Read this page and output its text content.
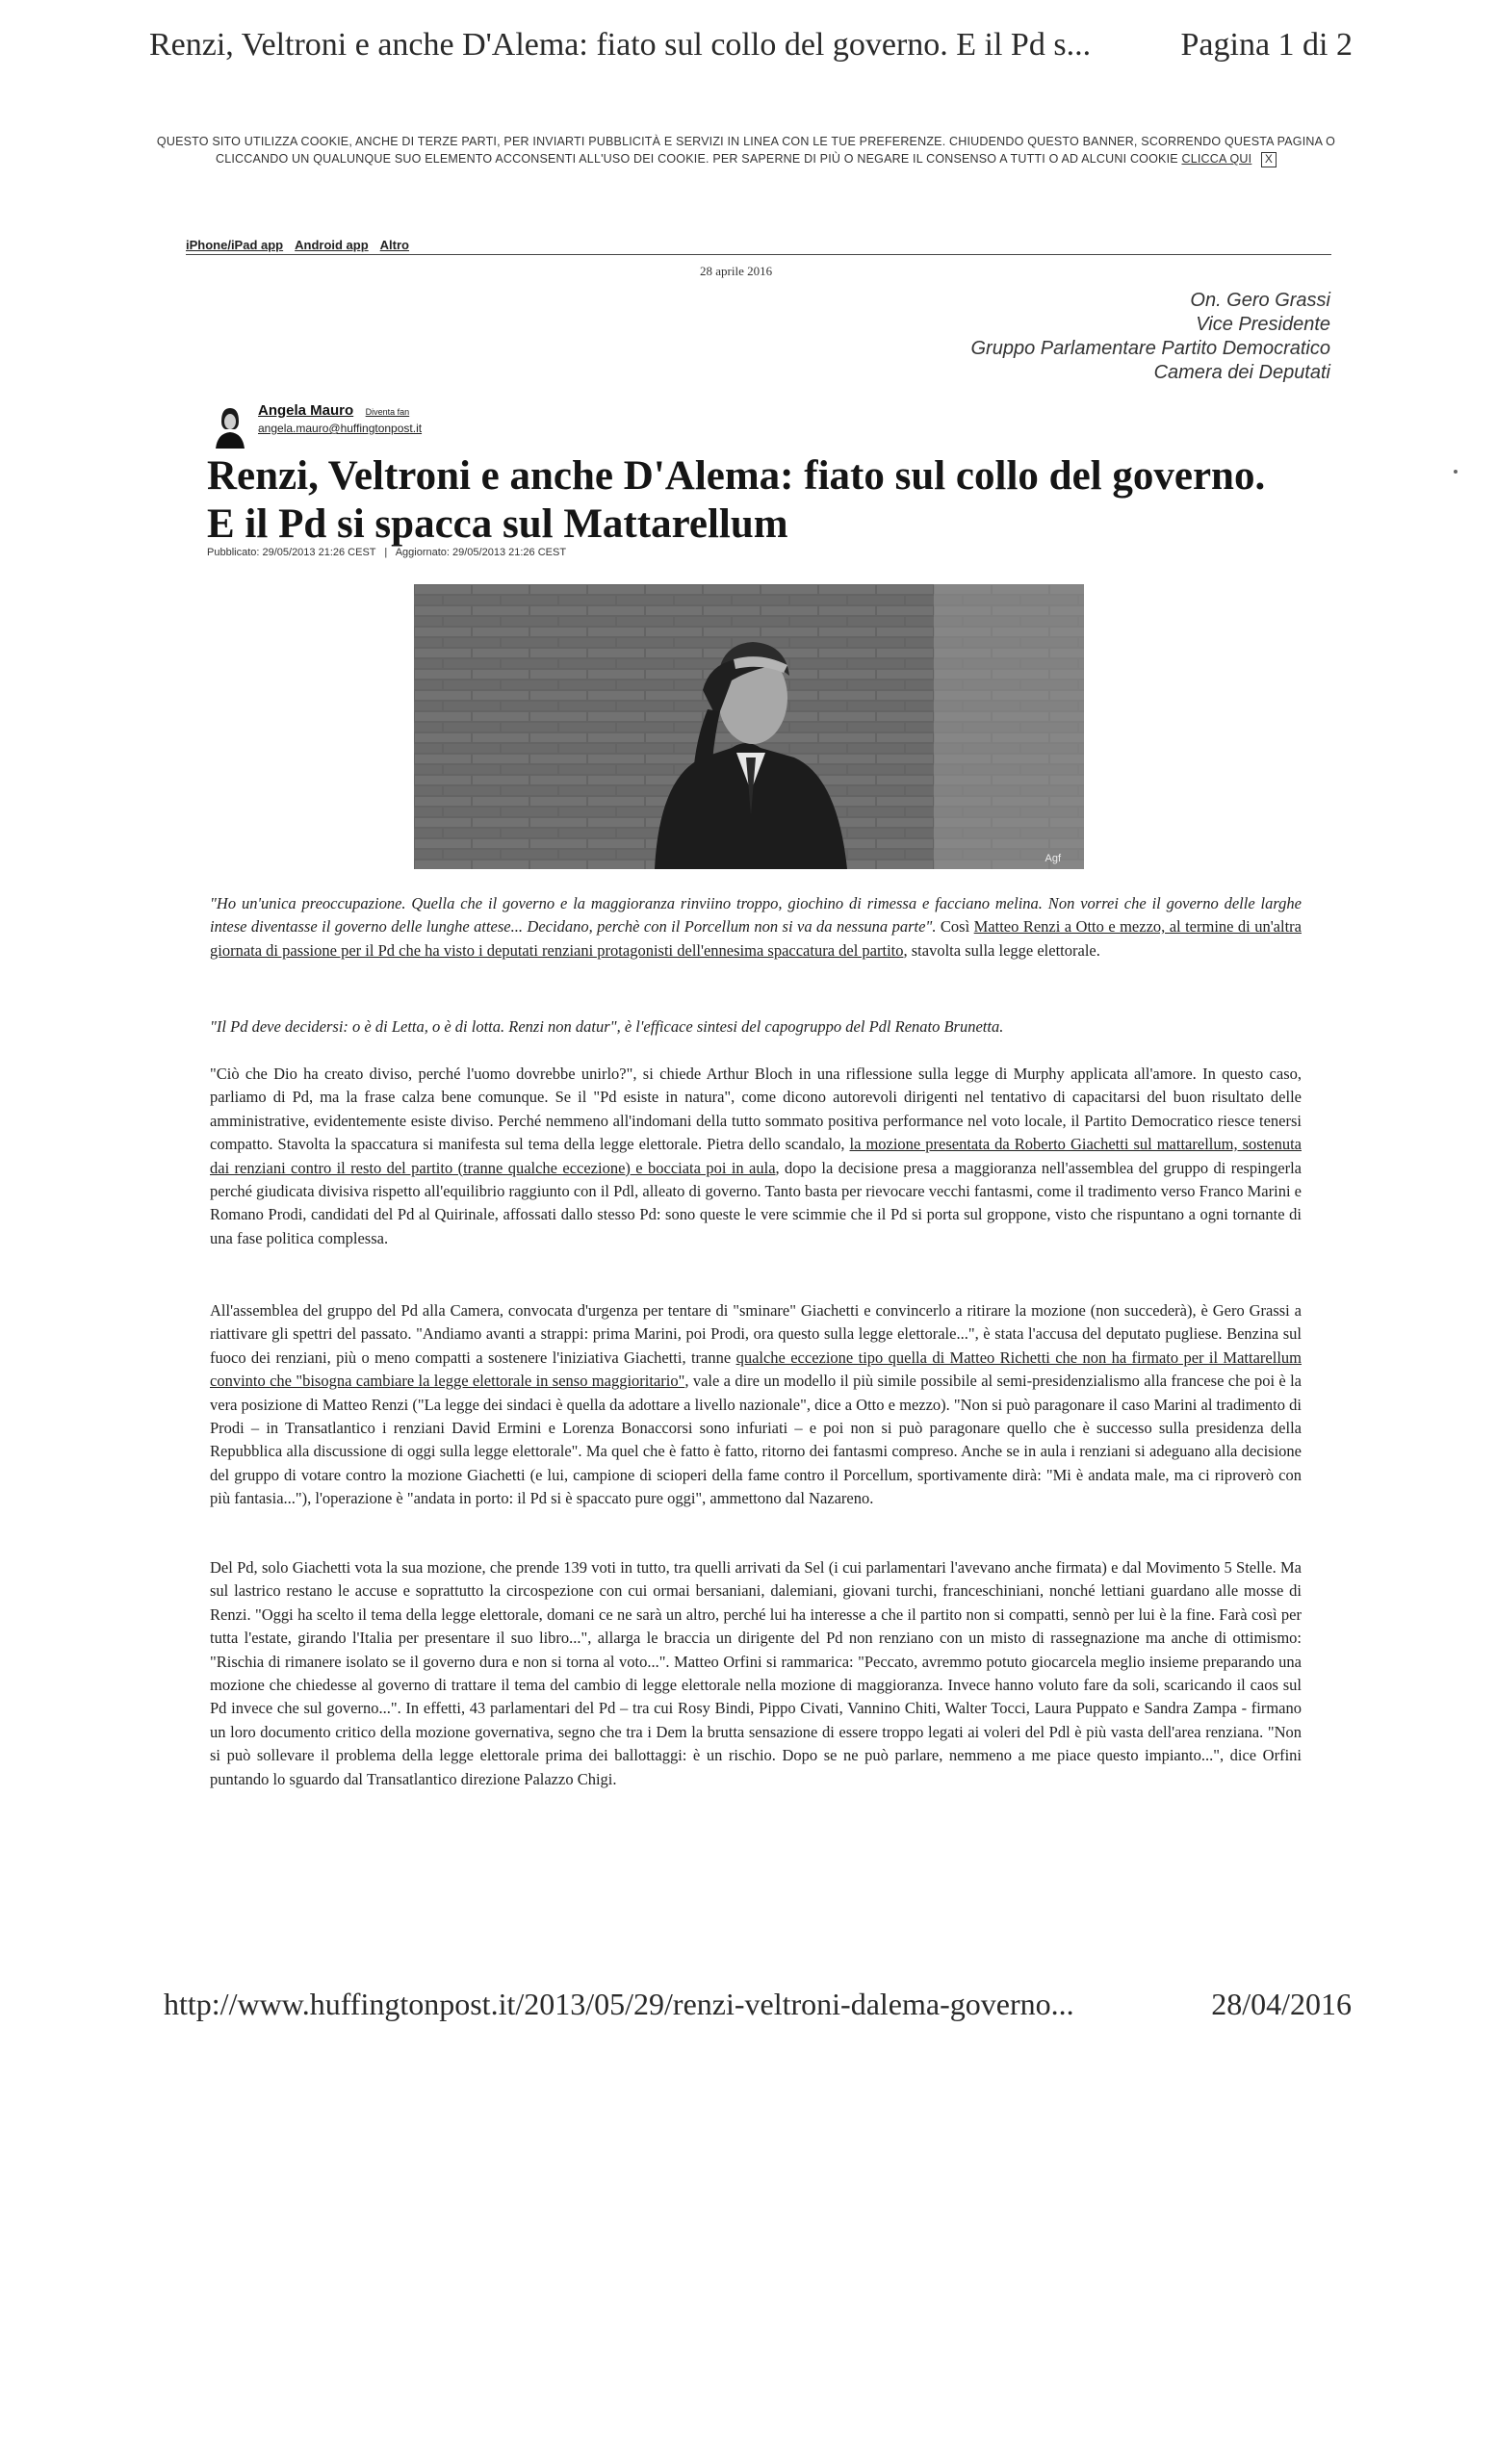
Renzi, Veltroni e anche D'Alema: fiato sul collo del governo. E il Pd s...	Pagina 1 di 2
QUESTO SITO UTILIZZA COOKIE, ANCHE DI TERZE PARTI, PER INVIARTI PUBBLICITÀ E SERVIZI IN LINEA CON LE TUE PREFERENZE. CHIUDENDO QUESTO BANNER, SCORRENDO QUESTA PAGINA O CLICCANDO UN QUALUNQUE SUO ELEMENTO ACCONSENTI ALL'USO DEI COOKIE. PER SAPERNE DI PIÙ O NEGARE IL CONSENSO A TUTTI O AD ALCUNI COOKIE CLICCA QUI X
iPhone/iPad app Android app Altro
28 aprile 2016
On. Gero Grassi
Vice Presidente
Gruppo Parlamentare Partito Democratico
Camera dei Deputati
Angela Mauro Diventa fan
angela.mauro@huffingtonpost.it
Renzi, Veltroni e anche D'Alema: fiato sul collo del governo. E il Pd si spacca sul Mattarellum
Pubblicato: 29/05/2013 21:26 CEST | Aggiornato: 29/05/2013 21:26 CEST
Agf

"Ho un'unica preoccupazione. Quella che il governo e la maggioranza rinviino troppo, giochino di rimessa e facciano melina. Non vorrei che il governo delle larghe intese diventasse il governo delle lunghe attese... Decidano, perchè con il Porcellum non si va da nessuna parte". Così Matteo Renzi a Otto e mezzo, al termine di un'altra giornata di passione per il Pd che ha visto i deputati renziani protagonisti dell'ennesima spaccatura del partito, stavolta sulla legge elettorale.

"Il Pd deve decidersi: o è di Letta, o è di lotta. Renzi non datur", è l'efficace sintesi del capogruppo del Pdl Renato Brunetta.

"Ciò che Dio ha creato diviso, perché l'uomo dovrebbe unirlo?", si chiede Arthur Bloch in una riflessione sulla legge di Murphy applicata all'amore. In questo caso, parliamo di Pd, ma la frase calza bene comunque. Se il "Pd esiste in natura", come dicono autorevoli dirigenti nel tentativo di capacitarsi del buon risultato delle amministrative, evidentemente esiste diviso. Perché nemmeno all'indomani della tutto sommato positiva performance nel voto locale, il Partito Democratico riesce tenersi compatto. Stavolta la spaccatura si manifesta sul tema della legge elettorale. Pietra dello scandalo, la mozione presentata da Roberto Giachetti sul mattarellum, sostenuta dai renziani contro il resto del partito (tranne qualche eccezione) e bocciata poi in aula, dopo la decisione presa a maggioranza nell'assemblea del gruppo di respingerla perché giudicata divisiva rispetto all'equilibrio raggiunto con il Pdl, alleato di governo. Tanto basta per rievocare vecchi fantasmi, come il tradimento verso Franco Marini e Romano Prodi, candidati del Pd al Quirinale, affossati dallo stesso Pd: sono queste le vere scimmie che il Pd si porta sul groppone, visto che rispuntano a ogni tornante di una fase politica complessa.

All'assemblea del gruppo del Pd alla Camera, convocata d'urgenza per tentare di "sminare" Giachetti e convincerlo a ritirare la mozione (non succederà), è Gero Grassi a riattivare gli spettri del passato. "Andiamo avanti a strappi: prima Marini, poi Prodi, ora questo sulla legge elettorale...", è stata l'accusa del deputato pugliese. Benzina sul fuoco dei renziani, più o meno compatti a sostenere l'iniziativa Giachetti, tranne qualche eccezione tipo quella di Matteo Richetti che non ha firmato per il Mattarellum convinto che "bisogna cambiare la legge elettorale in senso maggioritario", vale a dire un modello il più simile possibile al semi-presidenzialismo alla francese che poi è la vera posizione di Matteo Renzi ("La legge dei sindaci è quella da adottare a livello nazionale", dice a Otto e mezzo). "Non si può paragonare il caso Marini al tradimento di Prodi – in Transatlantico i renziani David Ermini e Lorenza Bonaccorsi sono infuriati – e poi non si può paragonare quello che è successo sulla presidenza della Repubblica alla discussione di oggi sulla legge elettorale". Ma quel che è fatto è fatto, ritorno dei fantasmi compreso. Anche se in aula i renziani si adeguano alla decisione del gruppo di votare contro la mozione Giachetti (e lui, campione di scioperi della fame contro il Porcellum, sportivamente dirà: "Mi è andata male, ma ci riproverò con più fantasia..."), l'operazione è "andata in porto: il Pd si è spaccato pure oggi", ammettono dal Nazareno.

Del Pd, solo Giachetti vota la sua mozione, che prende 139 voti in tutto, tra quelli arrivati da Sel (i cui parlamentari l'avevano anche firmata) e dal Movimento 5 Stelle. Ma sul lastrico restano le accuse e soprattutto la circospezione con cui ormai bersaniani, dalemiani, giovani turchi, franceschiniani, nonché lettiani guardano alle mosse di Renzi. "Oggi ha scelto il tema della legge elettorale, domani ce ne sarà un altro, perché lui ha interesse a che il partito non si compatti, sennò per lui è la fine. Farà così per tutta l'estate, girando l'Italia per presentare il suo libro...", allarga le braccia un dirigente del Pd non renziano con un misto di rassegnazione ma anche di ottimismo: "Rischia di rimanere isolato se il governo dura e non si torna al voto...". Matteo Orfini si rammarica: "Peccato, avremmo potuto giocarcela meglio insieme preparando una mozione che chiedesse al governo di trattare il tema del cambio di legge elettorale nella mozione di maggioranza. Invece hanno voluto fare da soli, scaricando il caos sul Pd invece che sul governo...". In effetti, 43 parlamentari del Pd – tra cui Rosy Bindi, Pippo Civati, Vannino Chiti, Walter Tocci, Laura Puppato e Sandra Zampa - firmano un loro documento critico della mozione governativa, segno che tra i Dem la brutta sensazione di essere troppo legati ai voleri del Pdl è più vasta dell'area renziana. "Non si può sollevare il problema della legge elettorale prima dei ballottaggi: è un rischio. Dopo se ne può parlare, nemmeno a me piace questo impianto...", dice Orfini puntando lo sguardo dal Transatlantico direzione Palazzo Chigi.
http://www.huffingtonpost.it/2013/05/29/renzi-veltroni-dalema-governo...	28/04/2016
